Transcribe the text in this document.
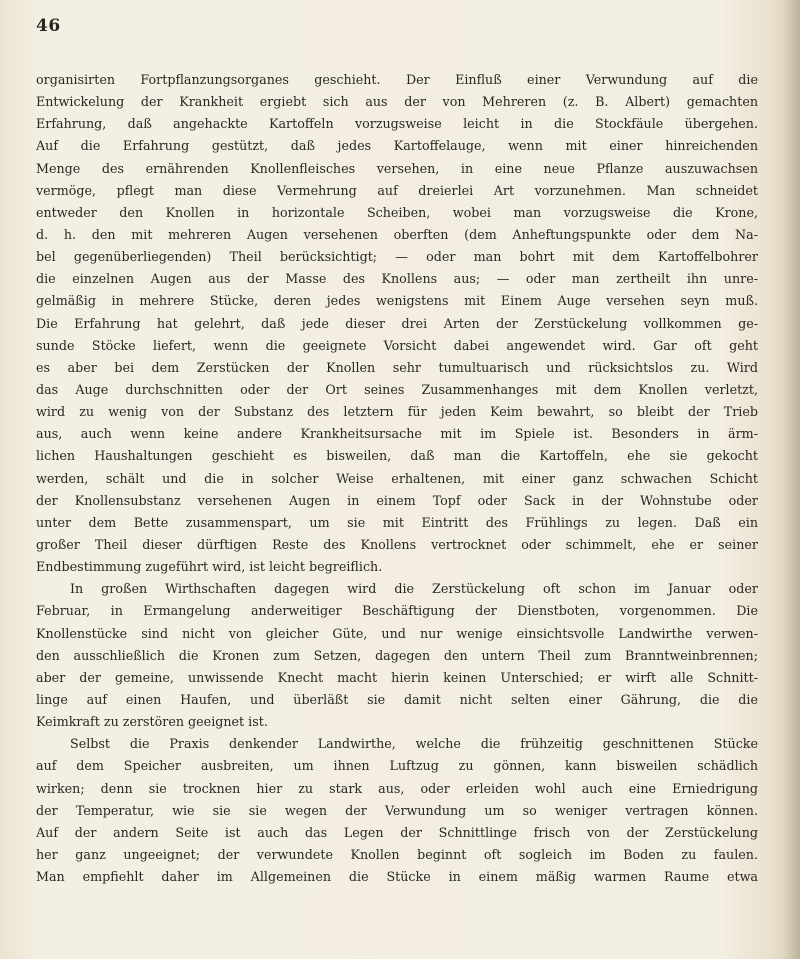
46
organisirten Fortpflanzungsorganes geschieht. Der Einfluß einer Verwundung auf die
Entwickelung der Krankheit ergiebt sich aus der von Mehreren (z. B. Albert) gemachten
Erfahrung, daß angehackte Kartoffeln vorzugsweise leicht in die Stockfäule übergehen.
Auf die Erfahrung gestützt, daß jedes Kartoffelauge, wenn mit einer hinreichenden
Menge des ernährenden Knollenfleisches versehen, in eine neue Pflanze auszuwachsen
vermöge, pflegt man diese Vermehrung auf dreierlei Art vorzunehmen. Man schneidet
entweder den Knollen in horizontale Scheiben, wobei man vorzugsweise die Krone,
d. h. den mit mehreren Augen versehenen oberften (dem Anheftungspunkte oder dem Na-
bel gegenüberliegenden) Theil berücksichtigt; — oder man bohrt mit dem Kartoffelbohrer
die einzelnen Augen aus der Masse des Knollens aus; — oder man zertheilt ihn unre-
gelmäßig in mehrere Stücke, deren jedes wenigstens mit Einem Auge versehen seyn muß.
Die Erfahrung hat gelehrt, daß jede dieser drei Arten der Zerstückelung vollkommen ge-
sunde Stöcke liefert, wenn die geeignete Vorsicht dabei angewendet wird. Gar oft geht
es aber bei dem Zerstücken der Knollen sehr tumultuarisch und rücksichtslos zu. Wird
das Auge durchschnitten oder der Ort seines Zusammenhanges mit dem Knollen verletzt,
wird zu wenig von der Substanz des letztern für jeden Keim bewahrt, so bleibt der Trieb
aus, auch wenn keine andere Krankheitsursache mit im Spiele ist. Besonders in ärm-
lichen Haushaltungen geschieht es bisweilen, daß man die Kartoffeln, ehe sie gekocht
werden, schält und die in solcher Weise erhaltenen, mit einer ganz schwachen Schicht
der Knollensubstanz versehenen Augen in einem Topf oder Sack in der Wohnstube oder
unter dem Bette zusammenspart, um sie mit Eintritt des Frühlings zu legen. Daß ein
großer Theil dieser dürftigen Reste des Knollens vertrocknet oder schimmelt, ehe er seiner
Endbestimmung zugeführt wird, ist leicht begreiflich.
In großen Wirthschaften dagegen wird die Zerstückelung oft schon im Januar oder
Februar, in Ermangelung anderweitiger Beschäftigung der Dienstboten, vorgenommen. Die
Knollenstücke sind nicht von gleicher Güte, und nur wenige einsichtsvolle Landwirthe verwen-
den ausschließlich die Kronen zum Setzen, dagegen den untern Theil zum Branntweinbrennen;
aber der gemeine, unwissende Knecht macht hierin keinen Unterschied; er wirft alle Schnitt-
linge auf einen Haufen, und überläßt sie damit nicht selten einer Gährung, die die
Keimkraft zu zerstören geeignet ist.
Selbst die Praxis denkender Landwirthe, welche die frühzeitig geschnittenen Stücke
auf dem Speicher ausbreiten, um ihnen Luftzug zu gönnen, kann bisweilen schädlich
wirken; denn sie trocknen hier zu stark aus, oder erleiden wohl auch eine Erniedrigung
der Temperatur, wie sie sie wegen der Verwundung um so weniger vertragen können.
Auf der andern Seite ist auch das Legen der Schnittlinge frisch von der Zerstückelung
her ganz ungeeignet; der verwundete Knollen beginnt oft sogleich im Boden zu faulen.
Man empfiehlt daher im Allgemeinen die Stücke in einem mäßig warmen Raume etwa
